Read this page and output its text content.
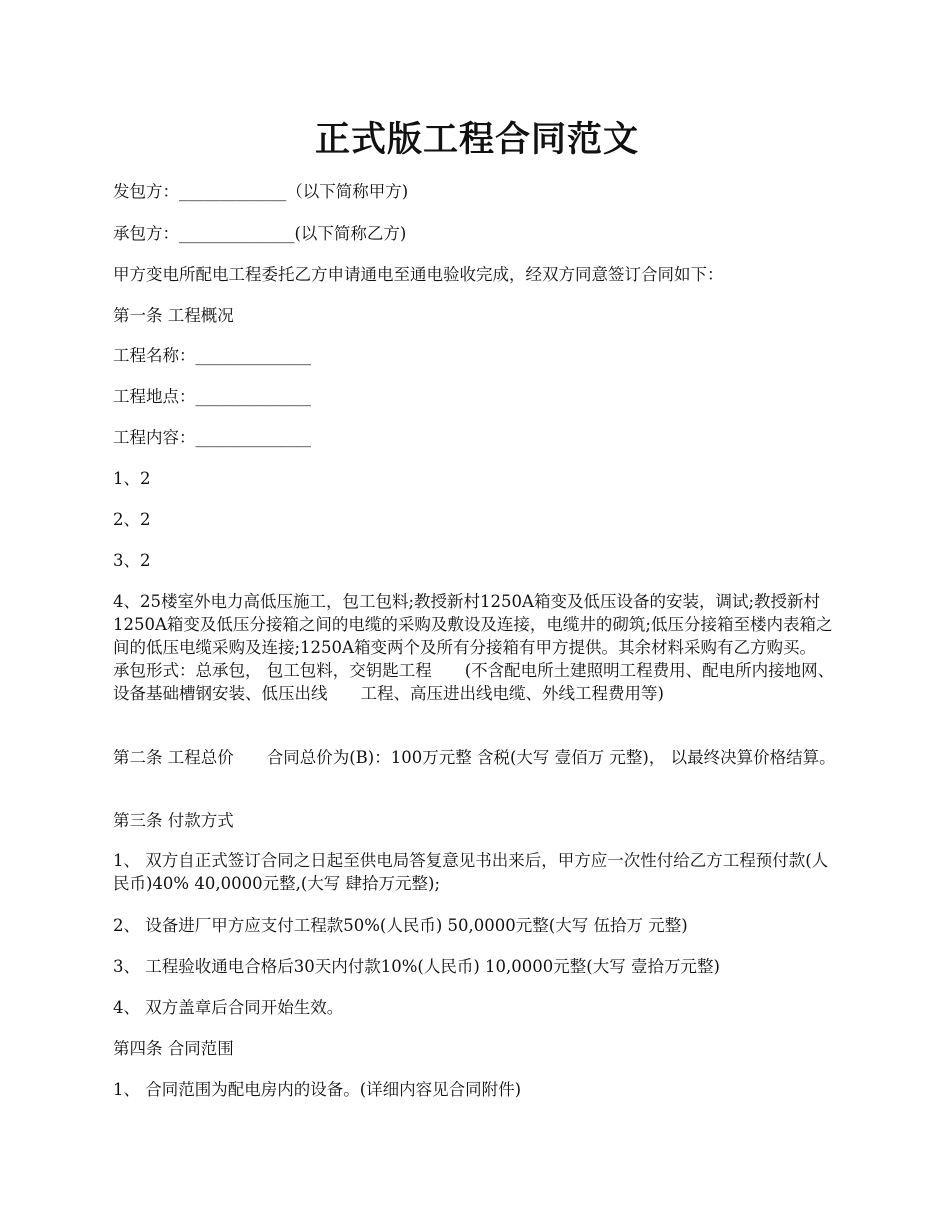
正式版工程合同范文
发包方：_____________（以下简称甲方)
承包方：______________(以下简称乙方)
甲方变电所配电工程委托乙方申请通电至通电验收完成，经双方同意签订合同如下：
第一条 工程概况
工程名称：______________
工程地点：______________
工程内容：______________
1、2
2、2
3、2
4、25楼室外电力高低压施工，包工包料;教授新村1250A箱变及低压设备的安装，调试;教授新村1250A箱变及低压分接箱之间的电缆的采购及敷设及连接，电缆井的砌筑;低压分接箱至楼内表箱之间的低压电缆采购及连接;1250A箱变两个及所有分接箱有甲方提供。其余材料采购有乙方购买。　　承包形式：总承包， 包工包料，交钥匙工程　　(不含配电所土建照明工程费用、配电所内接地网、设备基础槽钢安装、低压出线　　工程、高压进出线电缆、外线工程费用等)
第二条 工程总价　　合同总价为(B)：100万元整 含税(大写 壹佰万 元整)， 以最终决算价格结算。
第三条 付款方式
1、 双方自正式签订合同之日起至供电局答复意见书出来后，甲方应一次性付给乙方工程预付款(人民币)40% 40,0000元整,(大写 肆拾万元整);
2、 设备进厂甲方应支付工程款50%(人民币) 50,0000元整(大写 伍拾万 元整)
3、 工程验收通电合格后30天内付款10%(人民币) 10,0000元整(大写 壹拾万元整)
4、 双方盖章后合同开始生效。
第四条 合同范围
1、 合同范围为配电房内的设备。(详细内容见合同附件)
